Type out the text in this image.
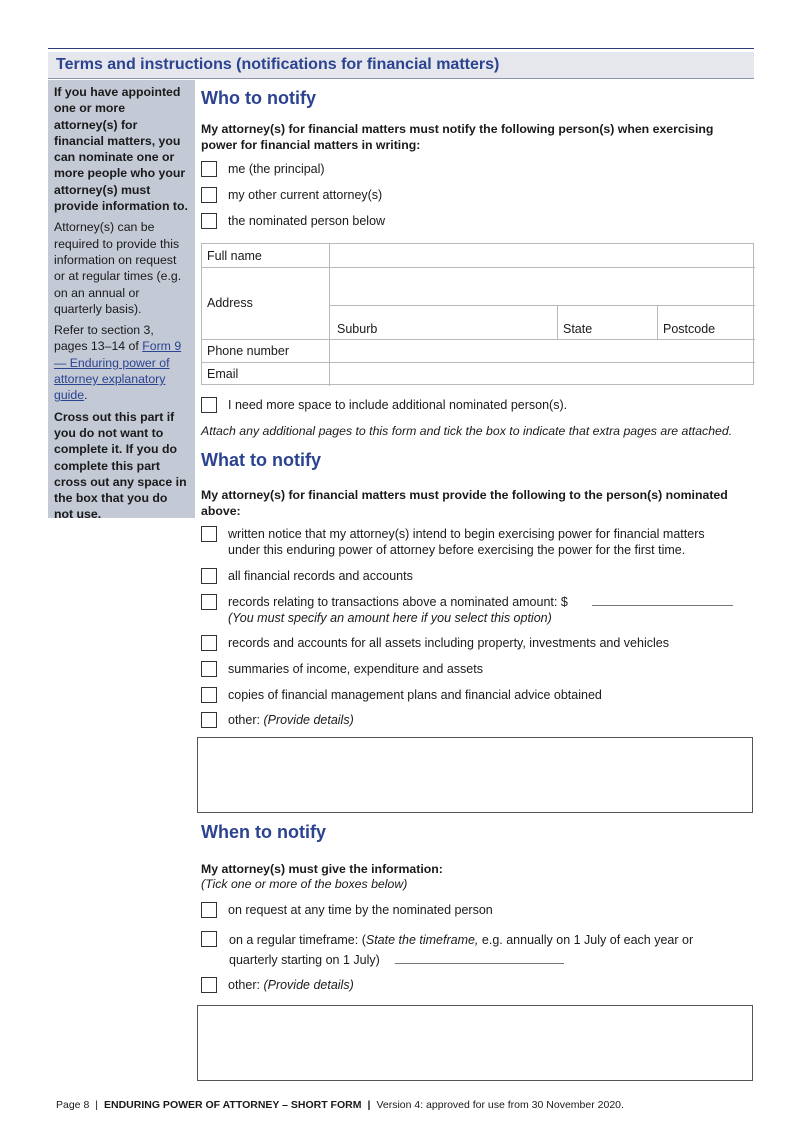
Terms and instructions (notifications for financial matters)

If you have appointed one or more attorney(s) for financial matters, you can nominate one or more people who your attorney(s) must provide information to.

Attorney(s) can be required to provide this information on request or at regular times (e.g. on an annual or quarterly basis).

Refer to section 3, pages 13–14 of Form 9 — Enduring power of attorney explanatory guide.

Cross out this part if you do not want to complete it. If you do complete this part cross out any space in the box that you do not use.

Who to notify
My attorney(s) for financial matters must notify the following person(s) when exercising power for financial matters in writing:
me (the principal)
my other current attorney(s)
the nominated person below
Full name
Address
Suburb	State	Postcode
Phone number
Email
I need more space to include additional nominated person(s).
Attach any additional pages to this form and tick the box to indicate that extra pages are attached.
What to notify
My attorney(s) for financial matters must provide the following to the person(s) nominated above:
written notice that my attorney(s) intend to begin exercising power for financial matters
under this enduring power of attorney before exercising the power for the first time.
all financial records and accounts
records relating to transactions above a nominated amount: $
(You must specify an amount here if you select this option)
records and accounts for all assets including property, investments and vehicles
summaries of income, expenditure and assets
copies of financial management plans and financial advice obtained
other: (Provide details)
When to notify
My attorney(s) must give the information:
(Tick one or more of the boxes below)
on request at any time by the nominated person
on a regular timeframe: (State the timeframe, e.g. annually on 1 July of each year or
quarterly starting on 1 July)
other: (Provide details)
Page 8 | ENDURING POWER OF ATTORNEY – SHORT FORM | Version 4: approved for use from 30 November 2020.
